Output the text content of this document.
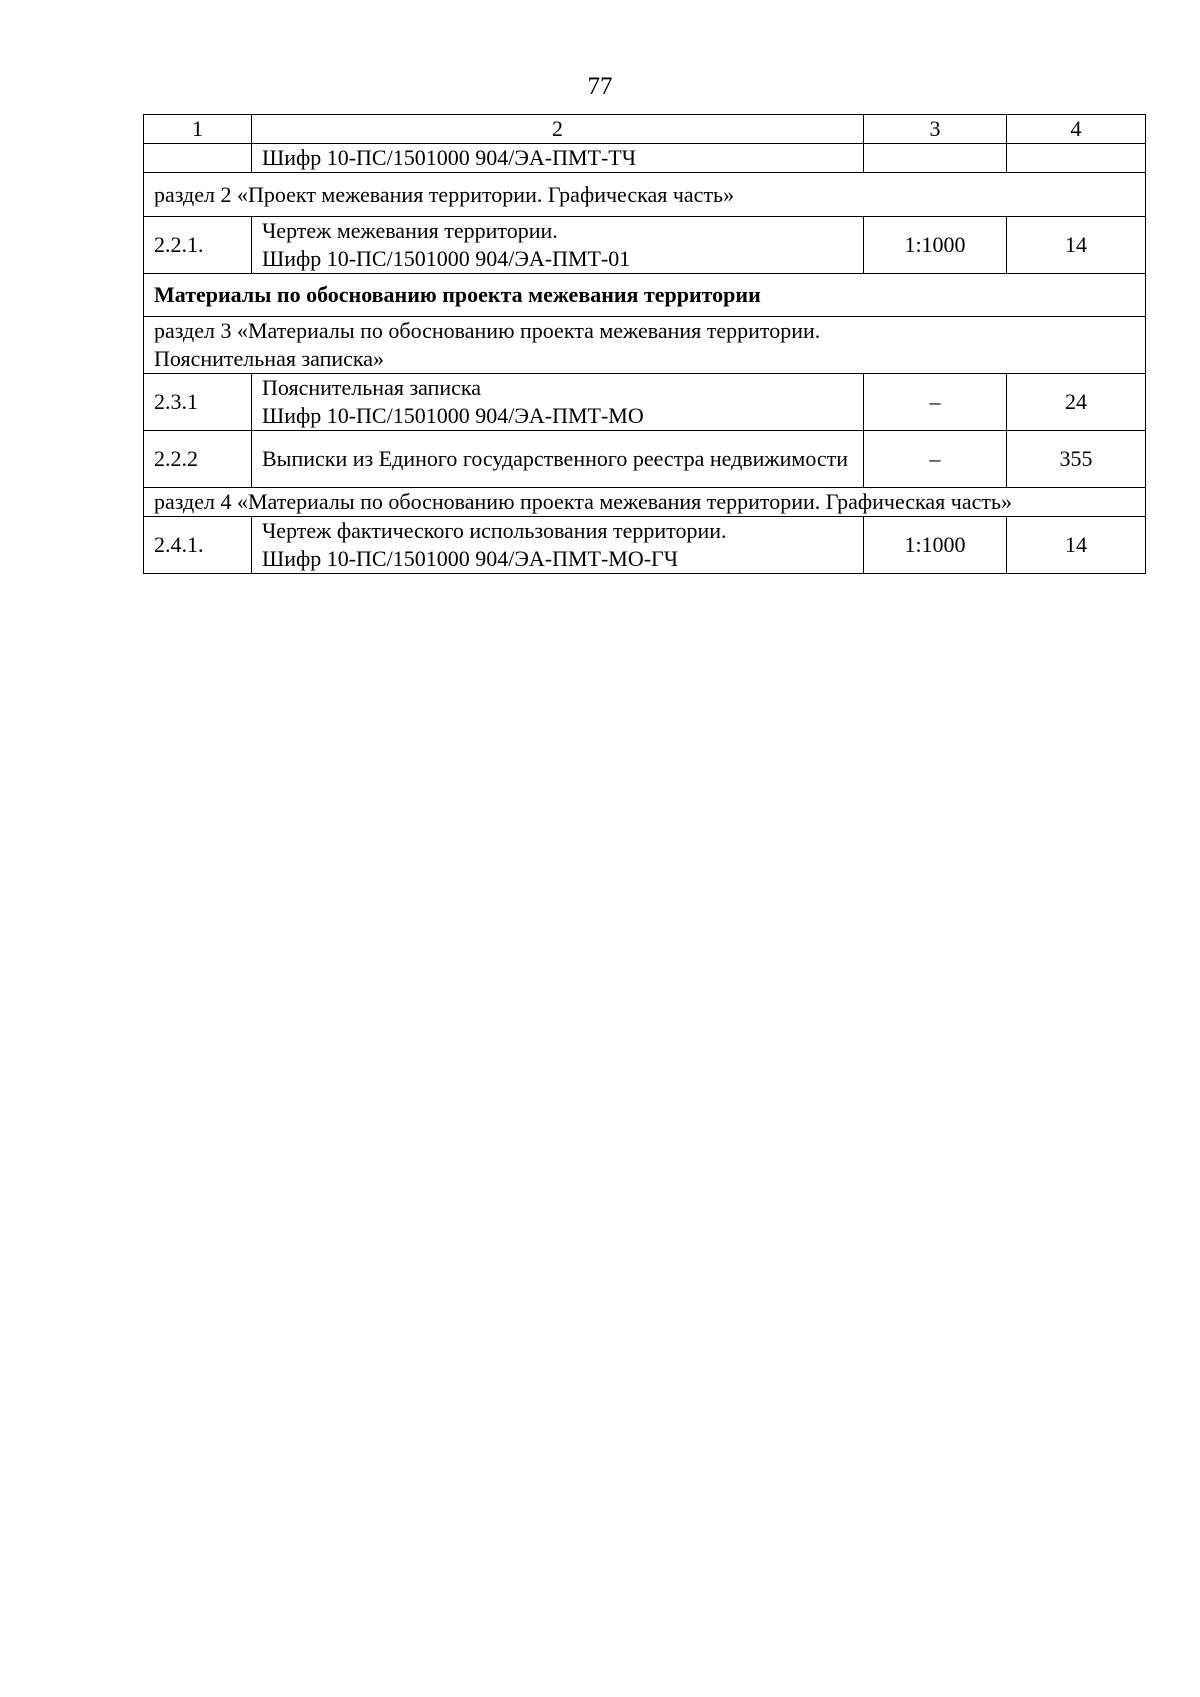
77
1	2	3	4

	Шифр 10-ПС/1501000 904/ЭА-ПМТ-ТЧ		

раздел 2 «Проект межевания территории. Графическая часть»			

2.2.1.	Чертеж межевания территории.
Шифр 10-ПС/1501000 904/ЭА-ПМТ-01	1:1000	14

Материалы по обоснованию проекта межевания территории			

раздел 3 «Материалы по обоснованию проекта межевания территории.
Пояснительная записка»			

2.3.1	Пояснительная записка
Шифр 10-ПС/1501000 904/ЭА-ПМТ-МО	–	24
2.2.2	Выписки из Единого государственного реестра недвижимости	–	355

раздел 4 «Материалы по обоснованию проекта межевания территории. Графическая часть»			

2.4.1.	Чертеж фактического использования территории.
Шифр 10-ПС/1501000 904/ЭА-ПМТ-МО-ГЧ	1:1000	14
